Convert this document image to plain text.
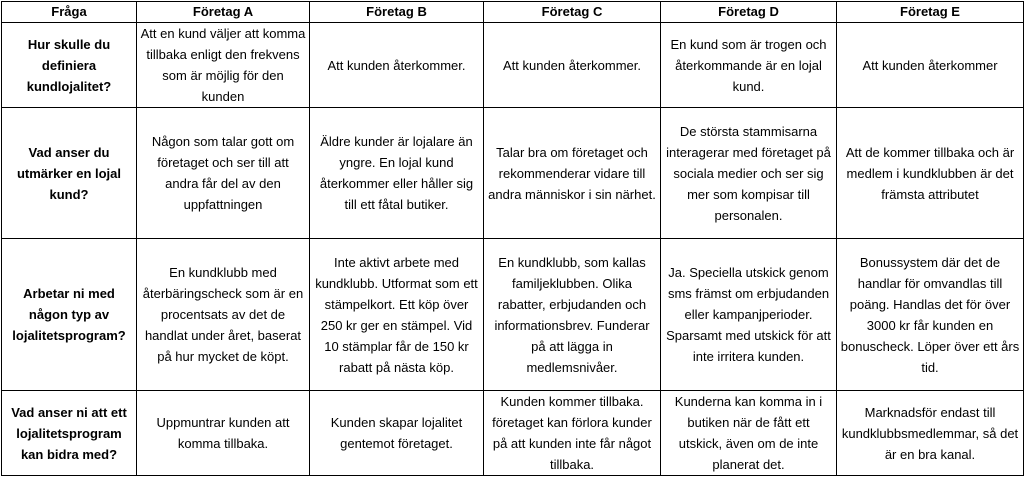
Fråga	Företag A	Företag B	Företag C	Företag D	Företag E
Hur skulle du definiera kundlojalitet?	Att en kund väljer att komma tillbaka enligt den frekvens som är möjlig för den kunden	Att kunden återkommer.	Att kunden återkommer.	En kund som är trogen och återkommande är en lojal kund.	Att kunden återkommer
Vad anser du utmärker en lojal kund?	Någon som talar gott om företaget och ser till att andra får del av den uppfattningen	Äldre kunder är lojalare än yngre. En lojal kund återkommer eller håller sig till ett fåtal butiker.	Talar bra om företaget och rekommenderar vidare till andra människor i sin närhet.	De största stammisarna interagerar med företaget på sociala medier och ser sig mer som kompisar till personalen.	Att de kommer tillbaka och är medlem i kundklubben är det främsta attributet
Arbetar ni med någon typ av lojalitetsprogram?	En kundklubb med återbäringscheck som är en procentsats av det de handlat under året, baserat på hur mycket de köpt.	Inte aktivt arbete med kundklubb. Utformat som ett stämpelkort. Ett köp över 250 kr ger en stämpel. Vid 10 stämplar får de 150 kr rabatt på nästa köp.	En kundklubb, som kallas familjeklubben. Olika rabatter, erbjudanden och informationsbrev. Funderar på att lägga in medlemsnivåer.	Ja. Speciella utskick genom sms främst om erbjudanden eller kampanjperioder. Sparsamt med utskick för att inte irritera kunden.	Bonussystem där det de handlar för omvandlas till poäng. Handlas det för över 3000 kr får kunden en bonuscheck. Löper över ett års tid.
Vad anser ni att ett lojalitetsprogram kan bidra med?	Uppmuntrar kunden att komma tillbaka.	Kunden skapar lojalitet gentemot företaget.	Kunden kommer tillbaka. företaget kan förlora kunder på att kunden inte får något tillbaka.	Kunderna kan komma in i butiken när de fått ett utskick, även om de inte planerat det.	Marknadsför endast till kundklubbsmedlemmar, så det är en bra kanal.
